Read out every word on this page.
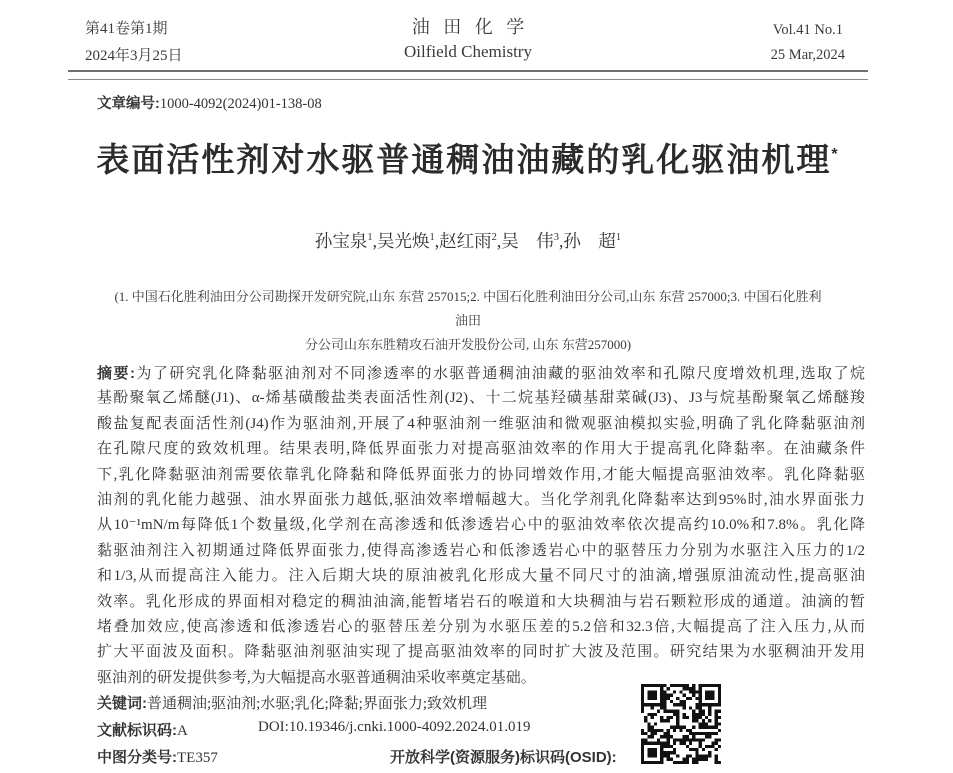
第41卷第1期
2024年3月25日
油田化学
Oilfield Chemistry
Vol.41 No.1
25 Mar,2024
文章编号:1000-4092(2024)01-138-08
表面活性剂对水驱普通稠油油藏的乳化驱油机理*
孙宝泉$^1$,吴光焕$^1$,赵红雨$^2$,吴　伟$^3$,孙　超$^1$
(1. 中国石化胜利油田分公司勘探开发研究院,山东 东营 257015;2. 中国石化胜利油田分公司,山东 东营 257000;3. 中国石化胜利油田
分公司山东东胜精攻石油开发股份公司, 山东 东营257000)
摘要:为了研究乳化降黏驱油剂对不同渗透率的水驱普通稠油油藏的驱油效率和孔隙尺度增效机理,选取了烷
基酚聚氧乙烯醚(J1)、α-烯基磺酸盐类表面活性剂(J2)、十二烷基羟磺基甜菜碱(J3)、J3与烷基酚聚氧乙烯醚羧
酸盐复配表面活性剂(J4)作为驱油剂,开展了4种驱油剂一维驱油和微观驱油模拟实验,明确了乳化降黏驱油剂
在孔隙尺度的致效机理。结果表明,降低界面张力对提高驱油效率的作用大于提高乳化降黏率。在油藏条件
下,乳化降黏驱油剂需要依靠乳化降黏和降低界面张力的协同增效作用,才能大幅提高驱油效率。乳化降黏驱
油剂的乳化能力越强、油水界面张力越低,驱油效率增幅越大。当化学剂乳化降黏率达到95%时,油水界面张力
从10⁻¹mN/m每降低1个数量级,化学剂在高渗透和低渗透岩心中的驱油效率依次提高约10.0%和7.8%。乳化降
黏驱油剂注入初期通过降低界面张力,使得高渗透岩心和低渗透岩心中的驱替压力分别为水驱注入压力的1/2
和1/3,从而提高注入能力。注入后期大块的原油被乳化形成大量不同尺寸的油滴,增强原油流动性,提高驱油
效率。乳化形成的界面相对稳定的稠油油滴,能暂堵岩石的喉道和大块稠油与岩石颗粒形成的通道。油滴的暂
堵叠加效应,使高渗透和低渗透岩心的驱替压差分别为水驱压差的5.2倍和32.3倍,大幅提高了注入压力,从而
扩大平面波及面积。降黏驱油剂驱油实现了提高驱油效率的同时扩大波及范围。研究结果为水驱稠油开发用
驱油剂的研发提供参考,为大幅提高水驱普通稠油采收率奠定基础。
关键词:普通稠油;驱油剂;水驱;乳化;降黏;界面张力;致效机理
文献标识码:A	DOI:10.19346/j.cnki.1000-4092.2024.01.019
中图分类号:TE357	开放科学(资源服务)标识码(OSID):
